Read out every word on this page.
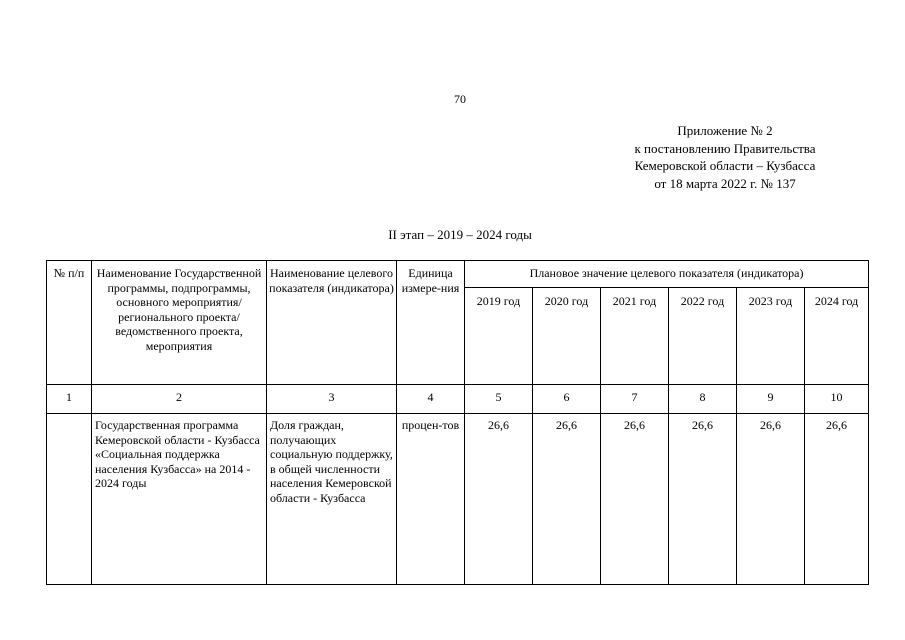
70
Приложение № 2
к постановлению Правительства
Кемеровской области – Кузбасса
от 18 марта 2022 г. № 137
II этап – 2019 – 2024 годы
№ п/п	Наименование Государственной программы, подпрограммы, основного мероприятия/ регионального проекта/ ведомственного проекта, мероприятия	Наименование целевого показателя (индикатора)	Единица измере-ния	Плановое значение целевого показателя (индикатора)					
				2019 год	2020 год	2021 год	2022 год	2023 год	2024 год
1	2	3	4	5	6	7	8	9	10
	Государственная программа Кемеровской области - Кузбасса «Социальная поддержка населения Кузбасса» на 2014 - 2024 годы	Доля граждан, получающих социальную поддержку, в общей численности населения Кемеровской области - Кузбасса	процен-тов	26,6	26,6	26,6	26,6	26,6	26,6
